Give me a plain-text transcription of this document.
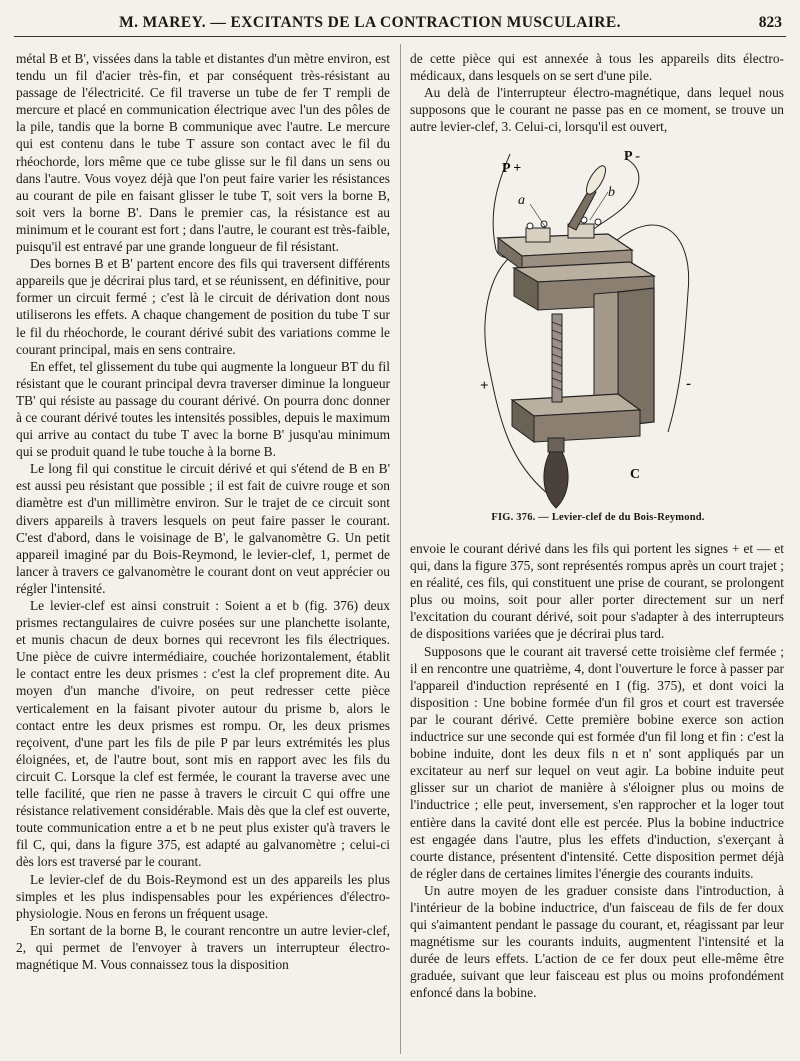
M. MAREY. — EXCITANTS DE LA CONTRACTION MUSCULAIRE.	823

métal B et B', vissées dans la table et distantes d'un mètre environ, est tendu un fil d'acier très-fin, et par conséquent très-résistant au passage de l'électricité. Ce fil traverse un tube de fer T rempli de mercure et placé en communication électrique avec l'un des pôles de la pile, tandis que la borne B communique avec l'autre. Le mercure qui est contenu dans le tube T assure son contact avec le fil du rhéochorde, lors même que ce tube glisse sur le fil dans un sens ou dans l'autre. Vous voyez déjà que l'on peut faire varier les résistances au courant de pile en faisant glisser le tube T, soit vers la borne B, soit vers la borne B'. Dans le premier cas, la résistance est au minimum et le courant est fort ; dans l'autre, le courant est très-faible, puisqu'il est entravé par une grande longueur de fil résistant.

Des bornes B et B' partent encore des fils qui traversent différents appareils que je décrirai plus tard, et se réunissent, en définitive, pour former un circuit fermé ; c'est là le circuit de dérivation dont nous utiliserons les effets. A chaque changement de position du tube T sur le fil du rhéochorde, le courant dérivé subit des variations comme le courant principal, mais en sens contraire.

En effet, tel glissement du tube qui augmente la longueur BT du fil résistant que le courant principal devra traverser diminue la longueur TB' qui résiste au passage du courant dérivé. On pourra donc donner à ce courant dérivé toutes les intensités possibles, depuis le maximum qui arrive au contact du tube T avec la borne B' jusqu'au minimum qui se produit quand le tube touche à la borne B.

Le long fil qui constitue le circuit dérivé et qui s'étend de B en B' est aussi peu résistant que possible ; il est fait de cuivre rouge et son diamètre est d'un millimètre environ. Sur le trajet de ce circuit sont divers appareils à travers lesquels on peut faire passer le courant. C'est d'abord, dans le voisinage de B', le galvanomètre G. Un petit appareil imaginé par du Bois-Reymond, le levier-clef, 1, permet de lancer à travers ce galvanomètre le courant dont on veut apprécier ou régler l'intensité.

Le levier-clef est ainsi construit : Soient a et b (fig. 376) deux prismes rectangulaires de cuivre posées sur une planchette isolante, et munis chacun de deux bornes qui recevront les fils électriques. Une pièce de cuivre intermédiaire, couchée horizontalement, établit le contact entre les deux prismes : c'est la clef proprement dite. Au moyen d'un manche d'ivoire, on peut redresser cette pièce verticalement en la faisant pivoter autour du prisme b, alors le contact entre les deux prismes est rompu. Or, les deux prismes reçoivent, d'une part les fils de pile P par leurs extrémités les plus éloignées, et, de l'autre bout, sont mis en rapport avec les fils du circuit C. Lorsque la clef est fermée, le courant la traverse avec une telle facilité, que rien ne passe à travers le circuit C qui offre une résistance relativement considérable. Mais dès que la clef est ouverte, toute communication entre a et b ne peut plus exister qu'à travers le fil C, qui, dans la figure 375, est adapté au galvanomètre ; celui-ci dès lors est traversé par le courant.

Le levier-clef de du Bois-Reymond est un des appareils les plus simples et les plus indispensables pour les expériences d'électro-physiologie. Nous en ferons un fréquent usage.

En sortant de la borne B, le courant rencontre un autre levier-clef, 2, qui permet de l'envoyer à travers un interrupteur électro-magnétique M. Vous connaissez tous la disposition

de cette pièce qui est annexée à tous les appareils dits électro-médicaux, dans lesquels on se sert d'une pile.

Au delà de l'interrupteur électro-magnétique, dans lequel nous supposons que le courant ne passe pas en ce moment, se trouve un autre levier-clef, 3. Celui-ci, lorsqu'il est ouvert,

P +
P -
a
b
+	-
C
FIG. 376. — Levier-clef de du Bois-Reymond.

envoie le courant dérivé dans les fils qui portent les signes + et — et qui, dans la figure 375, sont représentés rompus après un court trajet ; en réalité, ces fils, qui constituent une prise de courant, se prolongent plus ou moins, soit pour aller porter directement sur un nerf l'excitation du courant dérivé, soit pour s'adapter à des interrupteurs de dispositions variées que je décrirai plus tard.

Supposons que le courant ait traversé cette troisième clef fermée ; il en rencontre une quatrième, 4, dont l'ouverture le force à passer par l'appareil d'induction représenté en I (fig. 375), et dont voici la disposition : Une bobine formée d'un fil gros et court est traversée par le courant dérivé. Cette première bobine exerce son action inductrice sur une seconde qui est formée d'un fil long et fin : c'est la bobine induite, dont les deux fils n et n' sont appliqués par un excitateur au nerf sur lequel on veut agir. La bobine induite peut glisser sur un chariot de manière à s'éloigner plus ou moins de l'inductrice ; elle peut, inversement, s'en rapprocher et la loger tout entière dans la cavité dont elle est percée. Plus la bobine inductrice est engagée dans l'autre, plus les effets d'induction, s'exerçant à courte distance, présentent d'intensité. Cette disposition permet déjà de régler dans de certaines limites l'énergie des courants induits.

Un autre moyen de les graduer consiste dans l'introduction, à l'intérieur de la bobine inductrice, d'un faisceau de fils de fer doux qui s'aimantent pendant le passage du courant, et, réagissant par leur magnétisme sur les courants induits, augmentent l'intensité et la durée de leurs effets. L'action de ce fer doux peut elle-même être graduée, suivant que leur faisceau est plus ou moins profondément enfoncé dans la bobine.
